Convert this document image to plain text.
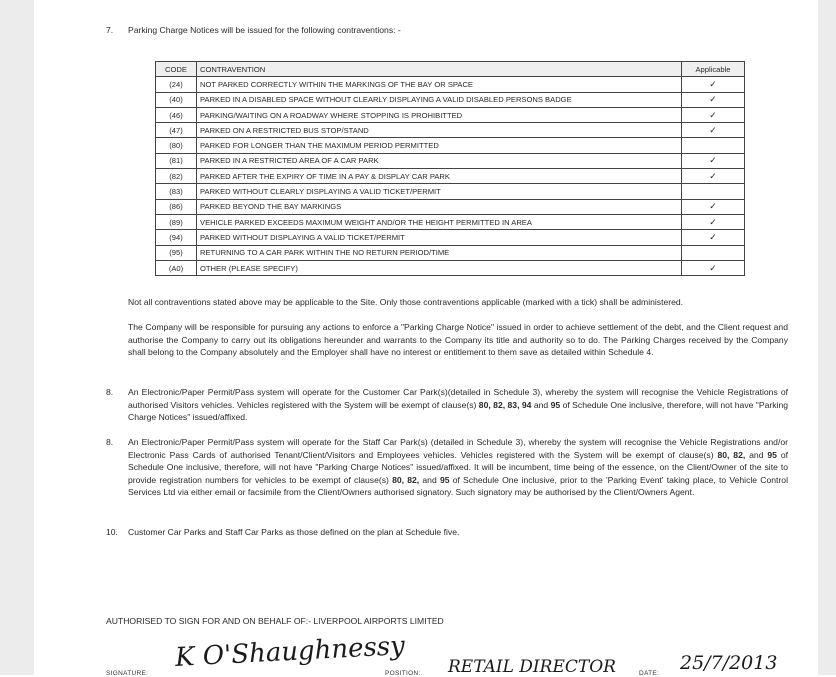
7. Parking Charge Notices will be issued for the following contraventions: -
CODE	CONTRAVENTION	Applicable
(24)	NOT PARKED CORRECTLY WITHIN THE MARKINGS OF THE BAY OR SPACE	✓
(40)	PARKED IN A DISABLED SPACE WITHOUT CLEARLY DISPLAYING A VALID DISABLED PERSONS BADGE	✓
(46)	PARKING/WAITING ON A ROADWAY WHERE STOPPING IS PROHIBITTED	✓
(47)	PARKED ON A RESTRICTED BUS STOP/STAND	✓
(80)	PARKED FOR LONGER THAN THE MAXIMUM PERIOD PERMITTED	
(81)	PARKED IN A RESTRICTED AREA OF A CAR PARK	✓
(82)	PARKED AFTER THE EXPIRY OF TIME IN A PAY & DISPLAY CAR PARK	✓
(83)	PARKED WITHOUT CLEARLY DISPLAYING A VALID TICKET/PERMIT	
(86)	PARKED BEYOND THE BAY MARKINGS	✓
(89)	VEHICLE PARKED EXCEEDS MAXIMUM WEIGHT AND/OR THE HEIGHT PERMITTED IN AREA	✓
(94)	PARKED WITHOUT DISPLAYING A VALID TICKET/PERMIT	✓
(95)	RETURNING TO A CAR PARK WITHIN THE NO RETURN PERIOD/TIME	
(A0)	OTHER (PLEASE SPECIFY)	✓
Not all contraventions stated above may be applicable to the Site. Only those contraventions applicable (marked with a tick) shall be administered.
The Company will be responsible for pursuing any actions to enforce a "Parking Charge Notice" issued in order to achieve settlement of the debt, and the Client request and authorise the Company to carry out its obligations hereunder and warrants to the Company its title and authority so to do. The Parking Charges received by the Company shall belong to the Company absolutely and the Employer shall have no interest or entitlement to them save as detailed within Schedule 4.
8. An Electronic/Paper Permit/Pass system will operate for the Customer Car Park(s)(detailed in Schedule 3), whereby the system will recognise the Vehicle Registrations of authorised Visitors vehicles. Vehicles registered with the System will be exempt of clause(s) 80, 82, 83, 94 and 95 of Schedule One inclusive, therefore, will not have "Parking Charge Notices" issued/affixed.
8. An Electronic/Paper Permit/Pass system will operate for the Staff Car Park(s) (detailed in Schedule 3), whereby the system will recognise the Vehicle Registrations and/or Electronic Pass Cards of authorised Tenant/Client/Visitors and Employees vehicles. Vehicles registered with the System will be exempt of clause(s) 80, 82, and 95 of Schedule One inclusive, therefore, will not have "Parking Charge Notices" issued/affixed. It will be incumbent, time being of the essence, on the Client/Owner of the site to provide registration numbers for vehicles to be exempt of clause(s) 80, 82, and 95 of Schedule One inclusive, prior to the 'Parking Event' taking place, to Vehicle Control Services Ltd via either email or facsimile from the Client/Owners authorised signatory. Such signatory may be authorised by the Client/Owners Agent.
10. Customer Car Parks and Staff Car Parks as those defined on the plan at Schedule five.
AUTHORISED TO SIGN FOR AND ON BEHALF OF:- LIVERPOOL AIRPORTS LIMITED
SIGNATURE:
K O'Shaughnessy
POSITION: RETAIL DIRECTOR	DATE: 25/7/2013
